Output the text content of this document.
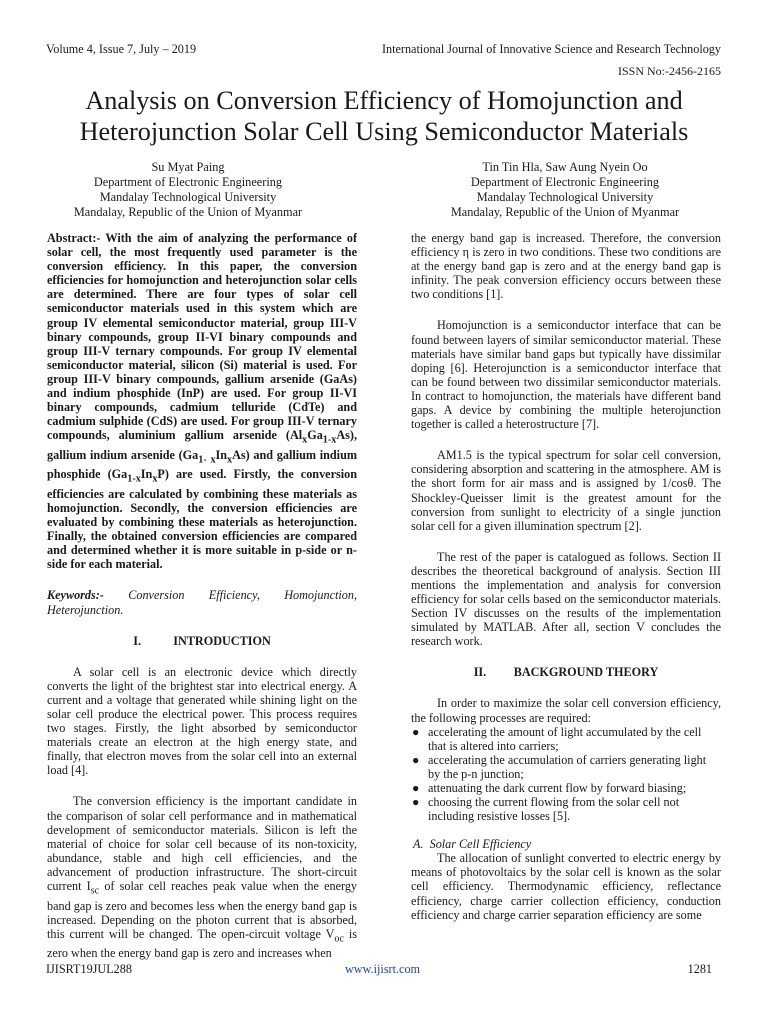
Volume 4, Issue 7, July – 2019	International Journal of Innovative Science and Research Technology
ISSN No:-2456-2165
Analysis on Conversion Efficiency of Homojunction and
Heterojunction Solar Cell Using Semiconductor Materials
Su Myat Paing
Department of Electronic Engineering
Mandalay Technological University
Mandalay, Republic of the Union of Myanmar
Tin Tin Hla, Saw Aung Nyein Oo
Department of Electronic Engineering
Mandalay Technological University
Mandalay, Republic of the Union of Myanmar

Abstract:- With the aim of analyzing the performance of solar cell, the most frequently used parameter is the conversion efficiency. In this paper, the conversion efficiencies for homojunction and heterojunction solar cells are determined. There are four types of solar cell semiconductor materials used in this system which are group IV elemental semiconductor material, group III-V binary compounds, group II-VI binary compounds and group III-V ternary compounds. For group IV elemental semiconductor material, silicon (Si) material is used. For group III-V binary compounds, gallium arsenide (GaAs) and indium phosphide (InP) are used. For group II-VI binary compounds, cadmium telluride (CdTe) and cadmium sulphide (CdS) are used. For group III-V ternary compounds, aluminium gallium arsenide $(Al_xGa_{1-x}As)$, gallium indium arsenide ($Ga_{1-}$ $_xIn_xAs$) and gallium indium phosphide $(Ga_{1-x}In_xP)$ are used. Firstly, the conversion efficiencies are calculated by combining these materials as homojunction. Secondly, the conversion efficiencies are evaluated by combining these materials as heterojunction. Finally, the obtained conversion efficiencies are compared and determined whether it is more suitable in p-side or n-side for each material.

Keywords:- Conversion Efficiency, Homojunction, Heterojunction.

I.	INTRODUCTION

A solar cell is an electronic device which directly converts the light of the brightest star into electrical energy. A current and a voltage that generated while shining light on the solar cell produce the electrical power. This process requires two stages. Firstly, the light absorbed by semiconductor materials create an electron at the high energy state, and finally, that electron moves from the solar cell into an external load [4].

The conversion efficiency is the important candidate in the comparison of solar cell performance and in mathematical development of semiconductor materials. Silicon is left the material of choice for solar cell because of its non-toxicity, abundance, stable and high cell efficiencies, and the advancement of production infrastructure. The short-circuit current $I_{sc}$ of solar cell reaches peak value when the energy band gap is zero and becomes less when the energy band gap is increased. Depending on the photon current that is absorbed, this current will be changed. The open-circuit voltage $V_{oc}$ is zero when the energy band gap is zero and increases when

the energy band gap is increased. Therefore, the conversion efficiency η is zero in two conditions. These two conditions are at the energy band gap is zero and at the energy band gap is infinity. The peak conversion efficiency occurs between these two conditions [1].

Homojunction is a semiconductor interface that can be found between layers of similar semiconductor material. These materials have similar band gaps but typically have dissimilar doping [6]. Heterojunction is a semiconductor interface that can be found between two dissimilar semiconductor materials. In contract to homojunction, the materials have different band gaps. A device by combining the multiple heterojunction together is called a heterostructure [7].

AM1.5 is the typical spectrum for solar cell conversion, considering absorption and scattering in the atmosphere. AM is the short form for air mass and is assigned by 1/cosθ. The Shockley-Queisser limit is the greatest amount for the conversion from sunlight to electricity of a single junction solar cell for a given illumination spectrum [2].

The rest of the paper is catalogued as follows. Section II describes the theoretical background of analysis. Section III mentions the implementation and analysis for conversion efficiency for solar cells based on the semiconductor materials. Section IV discusses on the results of the implementation simulated by MATLAB. After all, section V concludes the research work.

II. BACKGROUND THEORY

In order to maximize the solar cell conversion efficiency, the following processes are required:

● accelerating the amount of light accumulated by the cell that is altered into carriers;
● accelerating the accumulation of carriers generating light by the p-n junction;
● attenuating the dark current flow by forward biasing;
● choosing the current flowing from the solar cell not including resistive losses [5].
A. Solar Cell Efficiency

The allocation of sunlight converted to electric energy by means of photovoltaics by the solar cell is known as the solar cell efficiency. Thermodynamic efficiency, reflectance efficiency, charge carrier collection efficiency, conduction efficiency and charge carrier separation efficiency are some

IJISRT19JUL288	www.ijisrt.com	1281
